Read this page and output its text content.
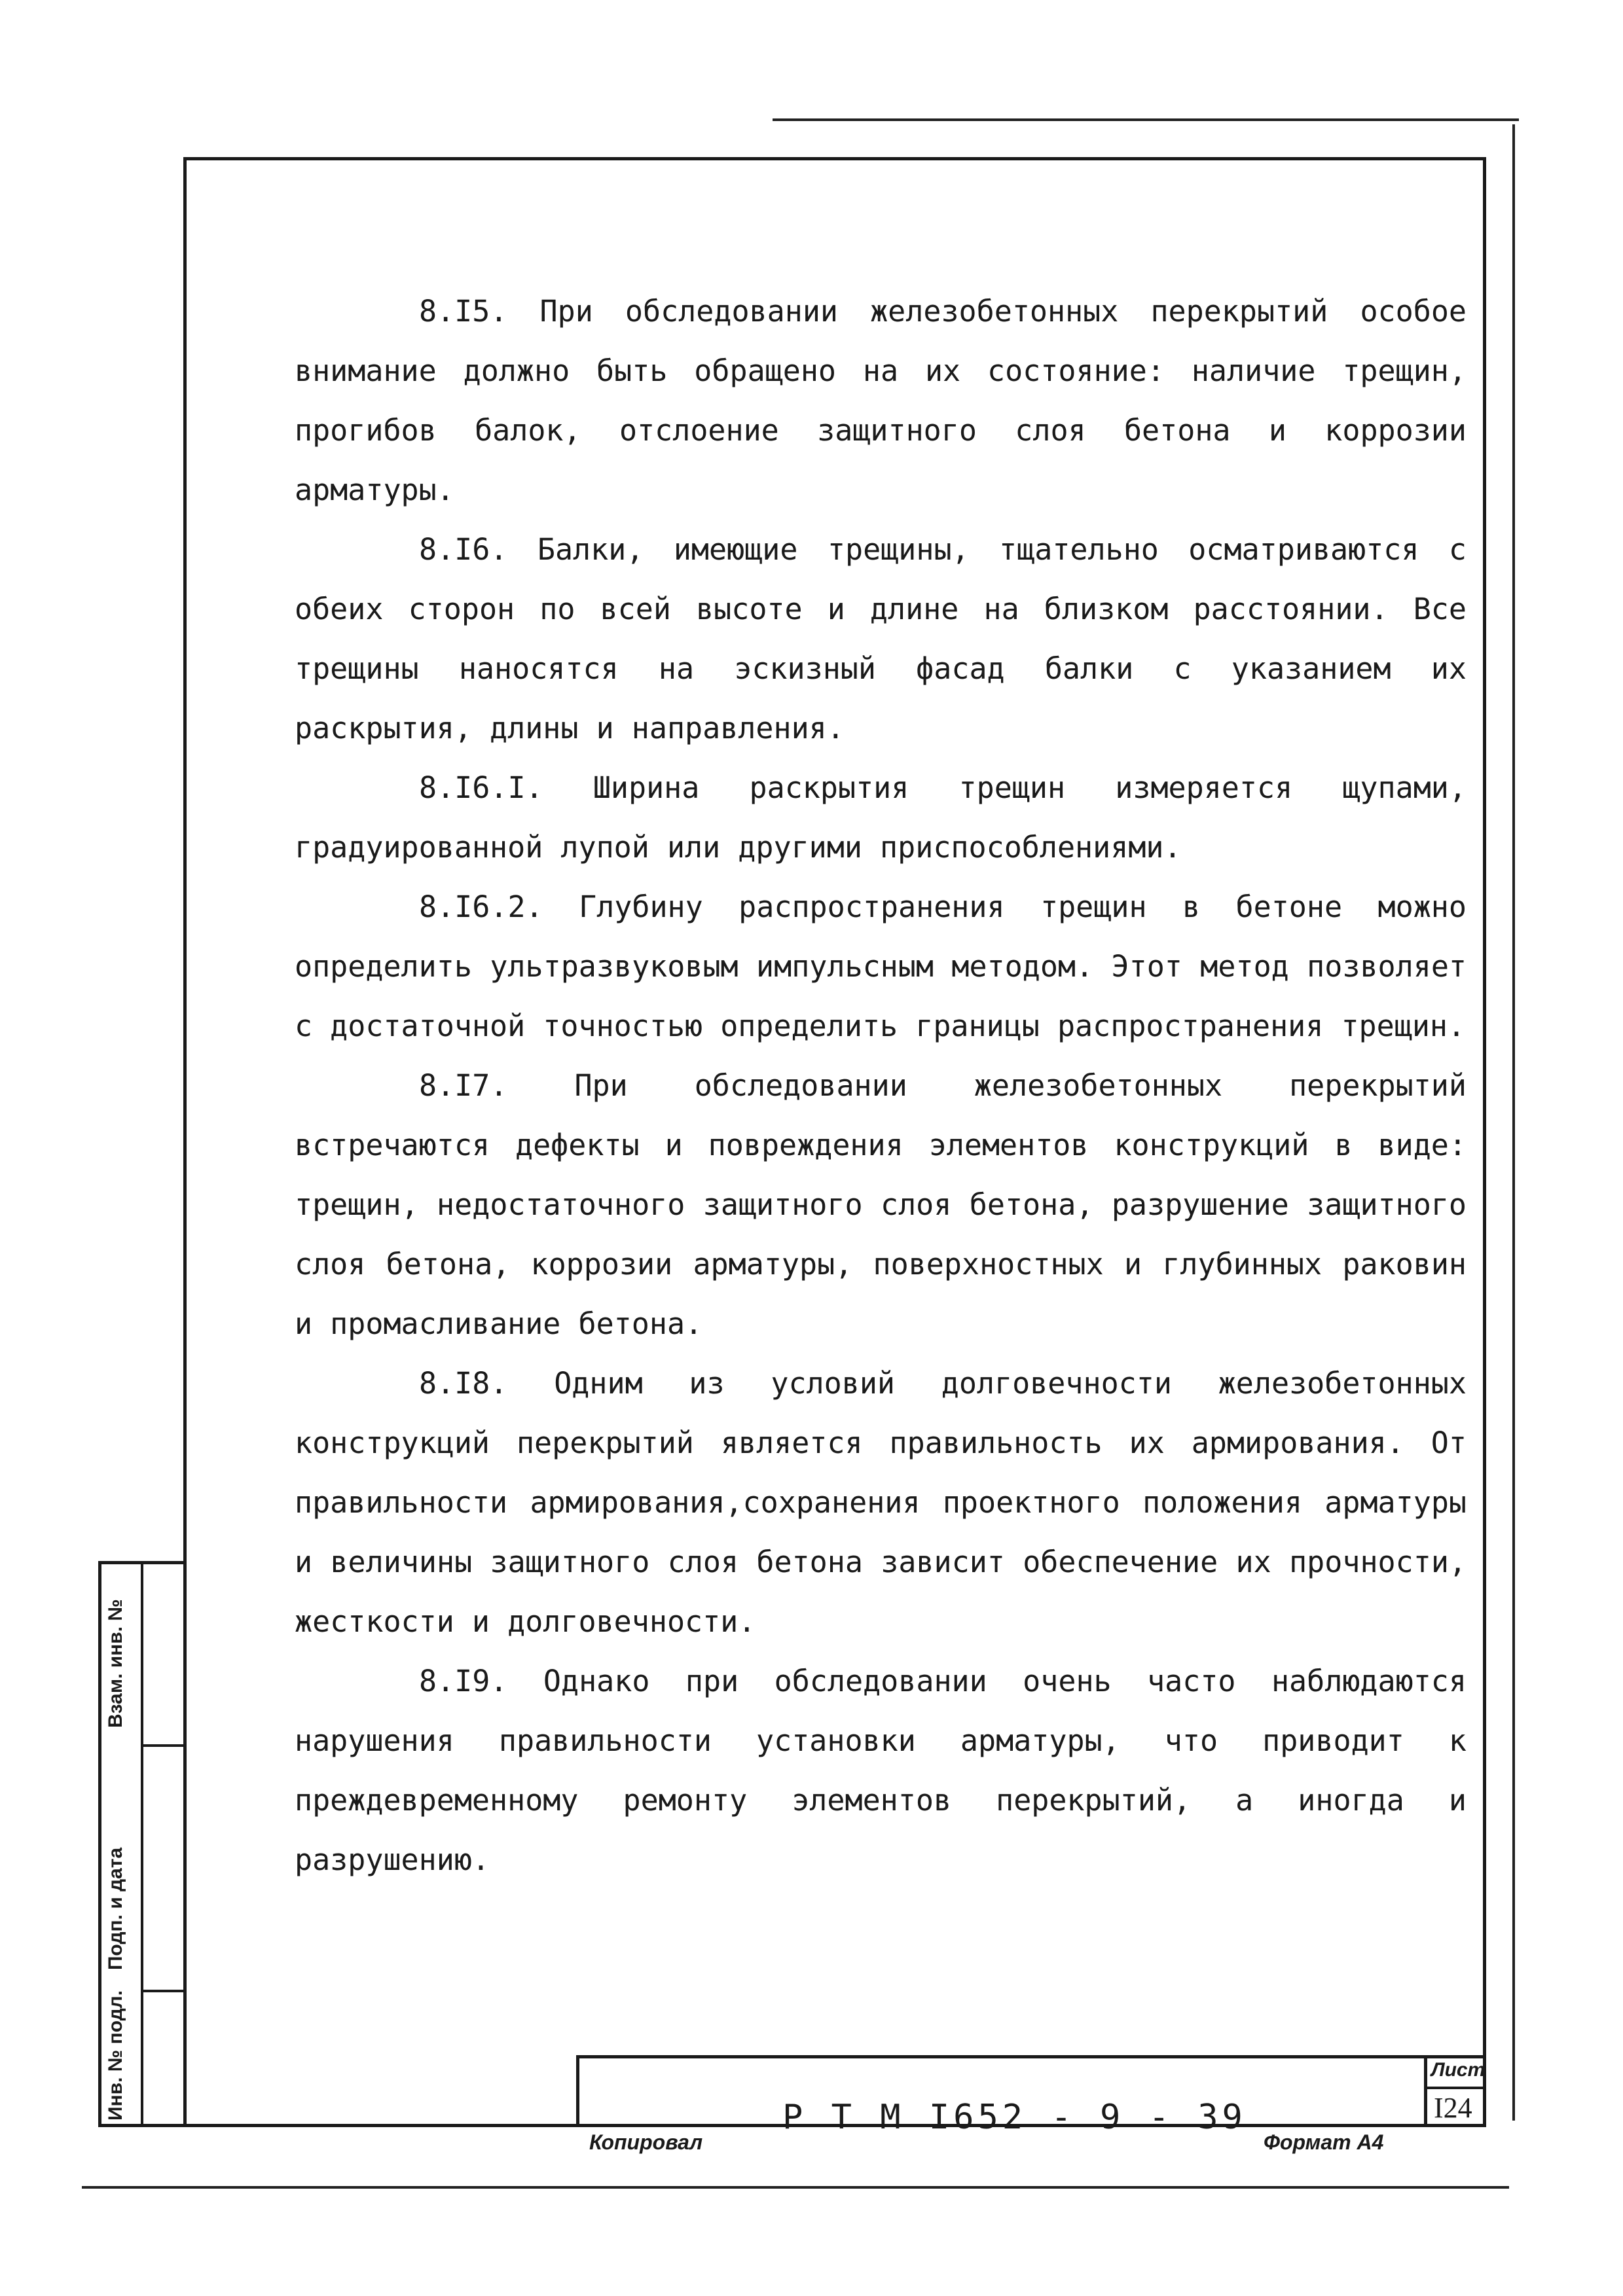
8.I5. При обследовании железобетонных перекрытий особое внимание должно быть обращено на их состояние: наличие трещин, прогибов балок, отслоение защитного слоя бетона и коррозии арматуры.

8.I6. Балки, имеющие трещины, тщательно осматриваются с обеих сторон по всей высоте и длине на близком расстоянии. Все трещины наносятся на эскизный фасад балки с указанием их раскрытия, длины и направления.

8.I6.I. Ширина раскрытия трещин измеряется щупами, градуированной лупой или другими приспособлениями.

8.I6.2. Глубину распространения трещин в бетоне можно определить ультразвуковым импульсным методом. Этот метод позволяет с достаточной точностью определить границы распространения трещин.

8.I7. При обследовании железобетонных перекрытий встречаются дефекты и повреждения элементов конструкций в виде: трещин, недостаточного защитного слоя бетона, разрушение защитного слоя бетона, коррозии арматуры, поверхностных и глубинных раковин и промасливание бетона.

8.I8. Одним из условий долговечности железобетонных конструкций перекрытий является правильность их армирования. От правильности армирования,сохранения проектного положения арматуры и величины защитного слоя бетона зависит обеспечение их прочности, жесткости и долговечности.

8.I9. Однако при обследовании очень часто наблюдаются нарушения правильности установки арматуры, что приводит к преждевременному ремонту элементов перекрытий, а иногда и разрушению.

Взам. инв. №
Подп. и дата
Инв. № подл.	Р Т М I652 - 9 - 39
Лист
I24
Копировал	Формат А4
